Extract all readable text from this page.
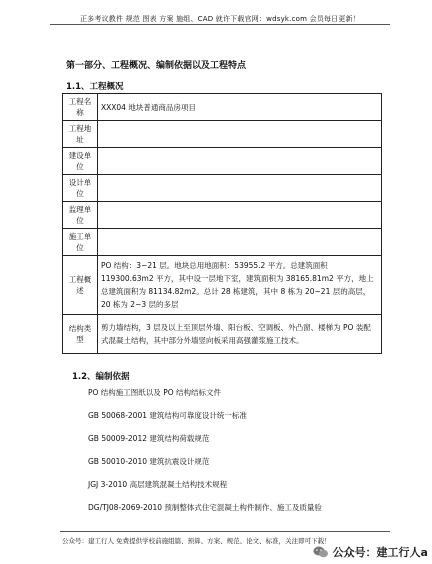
正多考议教件 规范 图表 方案 施组、CAD 就许下载官网：wdsyk.com 会员每日更新！
第一部分、工程概况、编制依据以及工程特点
1.1、工程概况
工程名称	XXX04 地块普通商品房项目
工程地址	
建设单位	
设计单位	
监理单位	
施工单位	
工程概述	PO 结构：3~21 层。地块总用地面积：53955.2 平方。总建筑面积 119300.63m2 平方，其中设一层地下室，建筑面积为 38165.81m2 平方，地上总建筑面积为 81134.82m2。总计 28 栋建筑，其中 8 栋为 20~21 层的高层，20 栋为 2~3 层的多层
结构类型	剪力墙结构，3 层及以上至顶层外墙、阳台板、空调板、外凸窗、楼梯为 PO 装配式混凝土结构，其中部分外墙竖向板采用高强灌浆施工技术。
1.2、编制依据
PO 结构施工图纸以及 PO 结构结标文件
GB 50068-2001 建筑结构可靠度设计统一标准
GB 50009-2012 建筑结构荷载规范
GB 50010-2010 建筑抗震设计规范
JGJ 3-2010 高层建筑混凝土结构技术规程
DG/TJ08-2069-2010 预制整体式住宅混凝土构件制作、施工及质量验
公众号：建工行人 免费提供学校前施组篇、预算、方案、规范、论文、标准，关注即可下载！
公众号：建工行人a
